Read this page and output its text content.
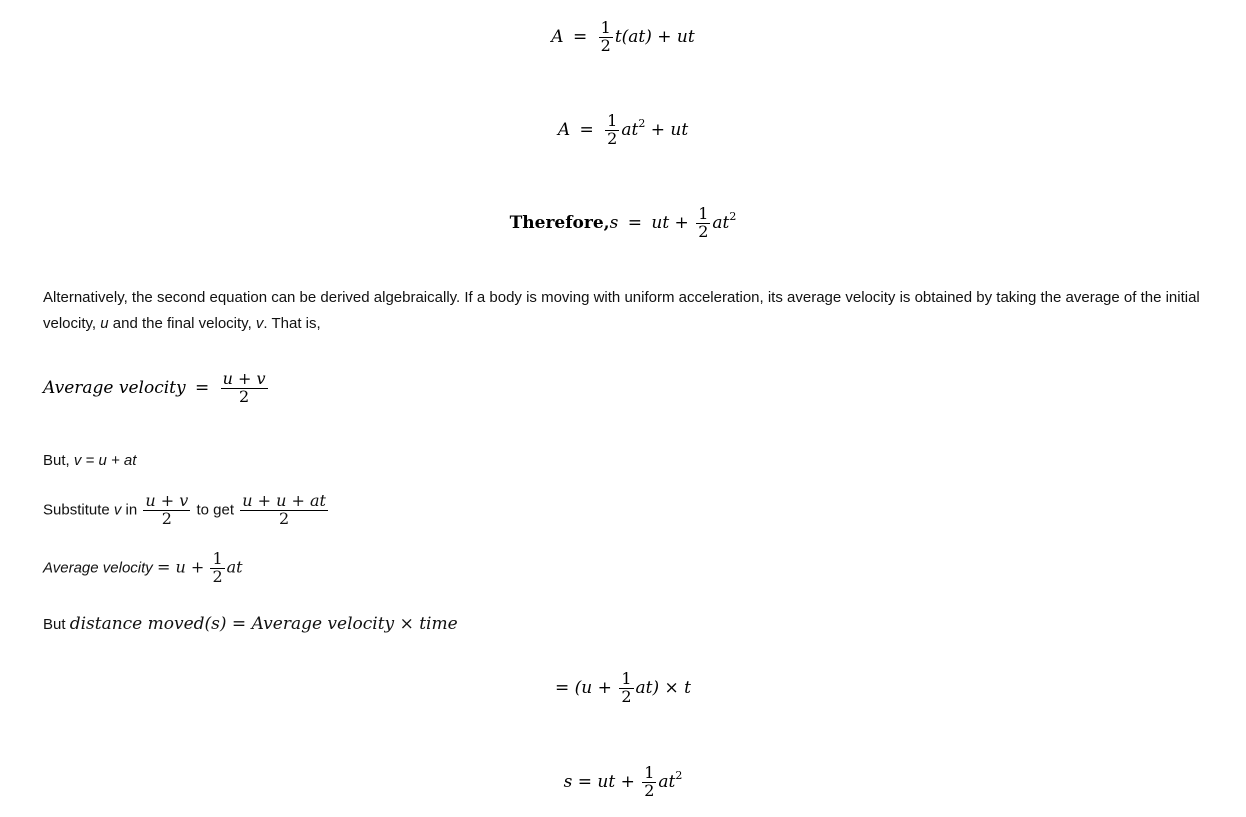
$A = \frac{1}{2} t(at)$ + ut
$A = \frac{1}{2} at^2$ + ut
Therefore,s = ut + $\frac{1}{2} at^2$
Alternatively, the second equation can be derived algebraically. If a body is moving with uniform acceleration, its average velocity is obtained by taking the average of the initial velocity, u and the final velocity, v. That is,
Average velocity = $\frac{u + v}{2}$
But, v = u + at
Substitute v in $\frac{u + v}{2}$ to get $\frac{u + u + at}{2}$
Average velocity = $u + \frac{1}{2}$ at
But distance moved(s) = Average velocity × time
= $(u + \frac{1}{2} at) \times t$
s = ut + $\frac{1}{2} at^2$
